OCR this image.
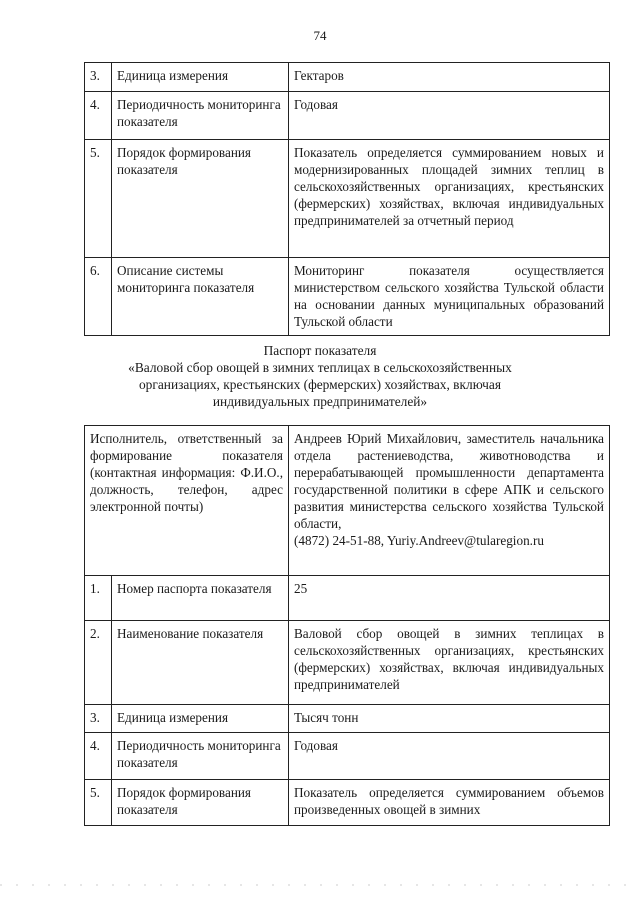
74
3.	Единица измерения	Гектаров
4.	Периодичность мониторинга показателя	Годовая
5.	Порядок формирования показателя	Показатель определяется суммированием новых и модернизированных площадей зимних теплиц в сельскохозяйственных организациях, крестьянских (фермерских) хозяйствах, включая индивидуальных предпринимателей за отчетный период
6.	Описание системы мониторинга показателя	Мониторинг показателя осуществляется министерством сельского хозяйства Тульской области на основании данных муниципальных образований Тульской области
Паспорт показателя
«Валовой сбор овощей в зимних теплицах в сельскохозяйственных
организациях, крестьянских (фермерских) хозяйствах, включая
индивидуальных предпринимателей»
Исполнитель, ответственный за формирование показателя (контактная информация: Ф.И.О., должность, телефон, адрес электронной почты)		Андреев Юрий Михайлович, заместитель начальника отдела растениеводства, животноводства и перерабатывающей промышленности департамента государственной политики в сфере АПК и сельского развития министерства сельского хозяйства Тульской области,
(4872) 24-51-88, Yuriy.Andreev@tularegion.ru

1.	Номер паспорта показателя	25
2.	Наименование показателя	Валовой сбор овощей в зимних теплицах в сельскохозяйственных организациях, крестьянских (фермерских) хозяйствах, включая индивидуальных предпринимателей
3.	Единица измерения	Тысяч тонн
4.	Периодичность мониторинга показателя	Годовая
5.	Порядок формирования показателя	Показатель определяется суммированием объемов произведенных овощей в зимних
